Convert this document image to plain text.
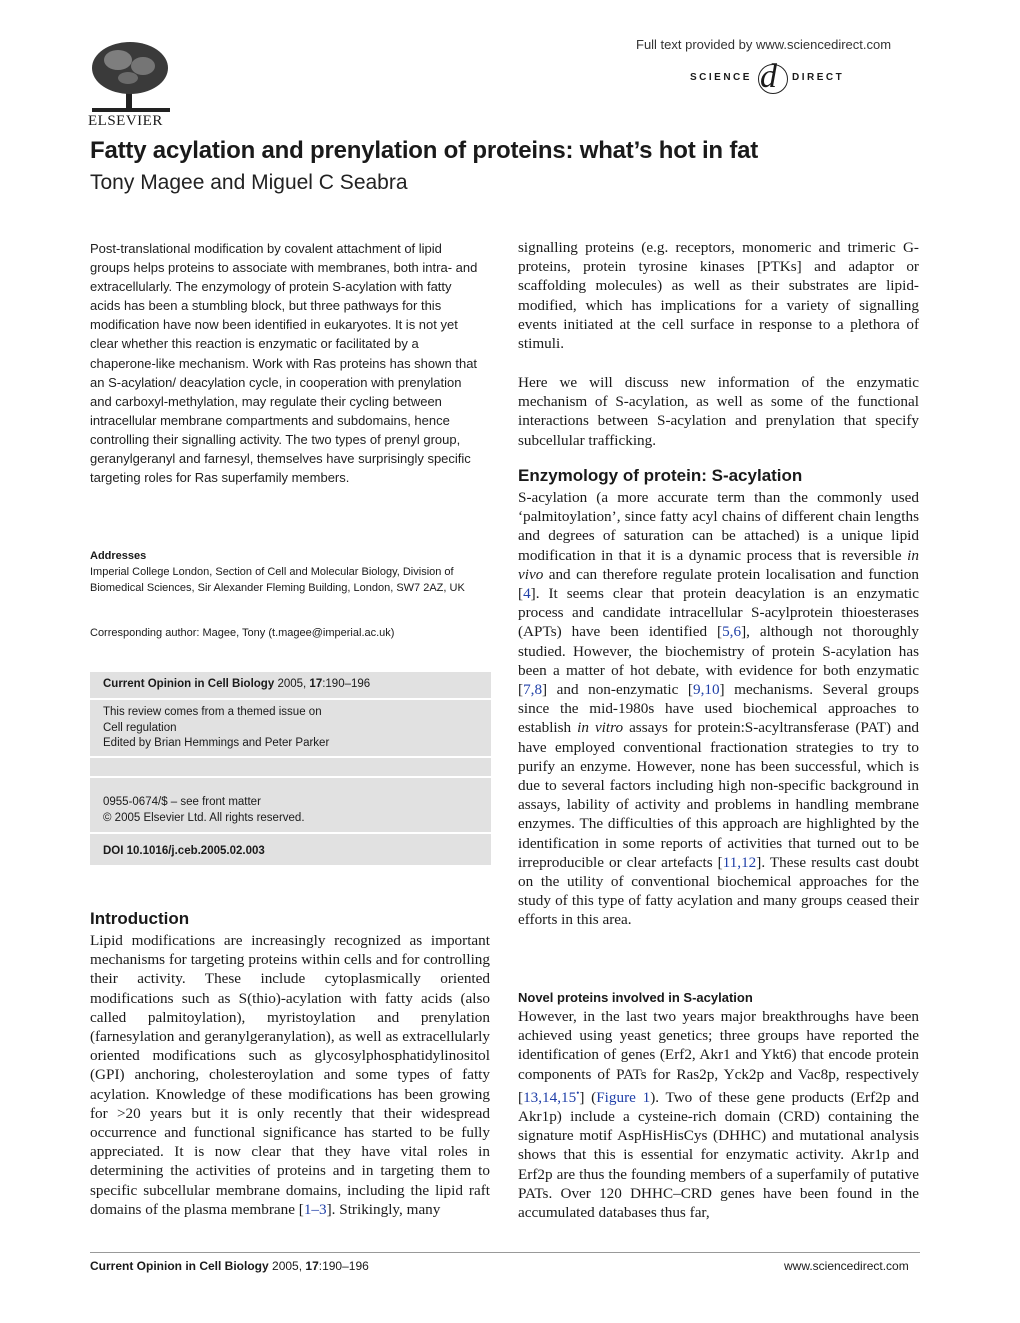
ELSEVIER
Full text provided by www.sciencedirect.com
SCIENCE d DIRECT
Fatty acylation and prenylation of proteins: what’s hot in fat
Tony Magee and Miguel C Seabra
Post-translational modification by covalent attachment of lipid groups helps proteins to associate with membranes, both intra- and extracellularly. The enzymology of protein S-acylation with fatty acids has been a stumbling block, but three pathways for this modification have now been identified in eukaryotes. It is not yet clear whether this reaction is enzymatic or facilitated by a chaperone-like mechanism. Work with Ras proteins has shown that an S-acylation/ deacylation cycle, in cooperation with prenylation and carboxyl-methylation, may regulate their cycling between intracellular membrane compartments and subdomains, hence controlling their signalling activity. The two types of prenyl group, geranylgeranyl and farnesyl, themselves have surprisingly specific targeting roles for Ras superfamily members.
Addresses
Imperial College London, Section of Cell and Molecular Biology, Division of Biomedical Sciences, Sir Alexander Fleming Building, London, SW7 2AZ, UK
Corresponding author: Magee, Tony (t.magee@imperial.ac.uk)
Current Opinion in Cell Biology 2005, 17:190–196
This review comes from a themed issue on
Cell regulation
Edited by Brian Hemmings and Peter Parker
0955-0674/$ – see front matter
© 2005 Elsevier Ltd. All rights reserved.
DOI 10.1016/j.ceb.2005.02.003
Introduction
Lipid modifications are increasingly recognized as important mechanisms for targeting proteins within cells and for controlling their activity. These include cytoplasmically oriented modifications such as S(thio)-acylation with fatty acids (also called palmitoylation), myristoylation and prenylation (farnesylation and geranylgeranylation), as well as extracellularly oriented modifications such as glycosylphosphatidylinositol (GPI) anchoring, cholesteroylation and some types of fatty acylation. Knowledge of these modifications has been growing for >20 years but it is only recently that their widespread occurrence and functional significance has started to be fully appreciated. It is now clear that they have vital roles in determining the activities of proteins and in targeting them to specific subcellular membrane domains, including the lipid raft domains of the plasma membrane [1–3]. Strikingly, many
signalling proteins (e.g. receptors, monomeric and trimeric G-proteins, protein tyrosine kinases [PTKs] and adaptor or scaffolding molecules) as well as their substrates are lipid-modified, which has implications for a variety of signalling events initiated at the cell surface in response to a plethora of stimuli.
Here we will discuss new information of the enzymatic mechanism of S-acylation, as well as some of the functional interactions between S-acylation and prenylation that specify subcellular trafficking.
Enzymology of protein: S-acylation
S-acylation (a more accurate term than the commonly used ‘palmitoylation’, since fatty acyl chains of different chain lengths and degrees of saturation can be attached) is a unique lipid modification in that it is a dynamic process that is reversible in vivo and can therefore regulate protein localisation and function [4]. It seems clear that protein deacylation is an enzymatic process and candidate intracellular S-acylprotein thioesterases (APTs) have been identified [5,6], although not thoroughly studied. However, the biochemistry of protein S-acylation has been a matter of hot debate, with evidence for both enzymatic [7,8] and non-enzymatic [9,10] mechanisms. Several groups since the mid-1980s have used biochemical approaches to establish in vitro assays for protein:S-acyltransferase (PAT) and have employed conventional fractionation strategies to try to purify an enzyme. However, none has been successful, which is due to several factors including high non-specific background in assays, lability of activity and problems in handling membrane enzymes. The difficulties of this approach are highlighted by the identification in some reports of activities that turned out to be irreproducible or clear artefacts [11,12]. These results cast doubt on the utility of conventional biochemical approaches for the study of this type of fatty acylation and many groups ceased their efforts in this area.
Novel proteins involved in S-acylation
However, in the last two years major breakthroughs have been achieved using yeast genetics; three groups have reported the identification of genes (Erf2, Akr1 and Ykt6) that encode protein components of PATs for Ras2p, Yck2p and Vac8p, respectively [13,14,15•] (Figure 1). Two of these gene products (Erf2p and Akr1p) include a cysteine-rich domain (CRD) containing the signature motif AspHisHisCys (DHHC) and mutational analysis shows that this is essential for enzymatic activity. Akr1p and Erf2p are thus the founding members of a superfamily of putative PATs. Over 120 DHHC–CRD genes have been found in the accumulated databases thus far,
Current Opinion in Cell Biology 2005, 17:190–196	www.sciencedirect.com
